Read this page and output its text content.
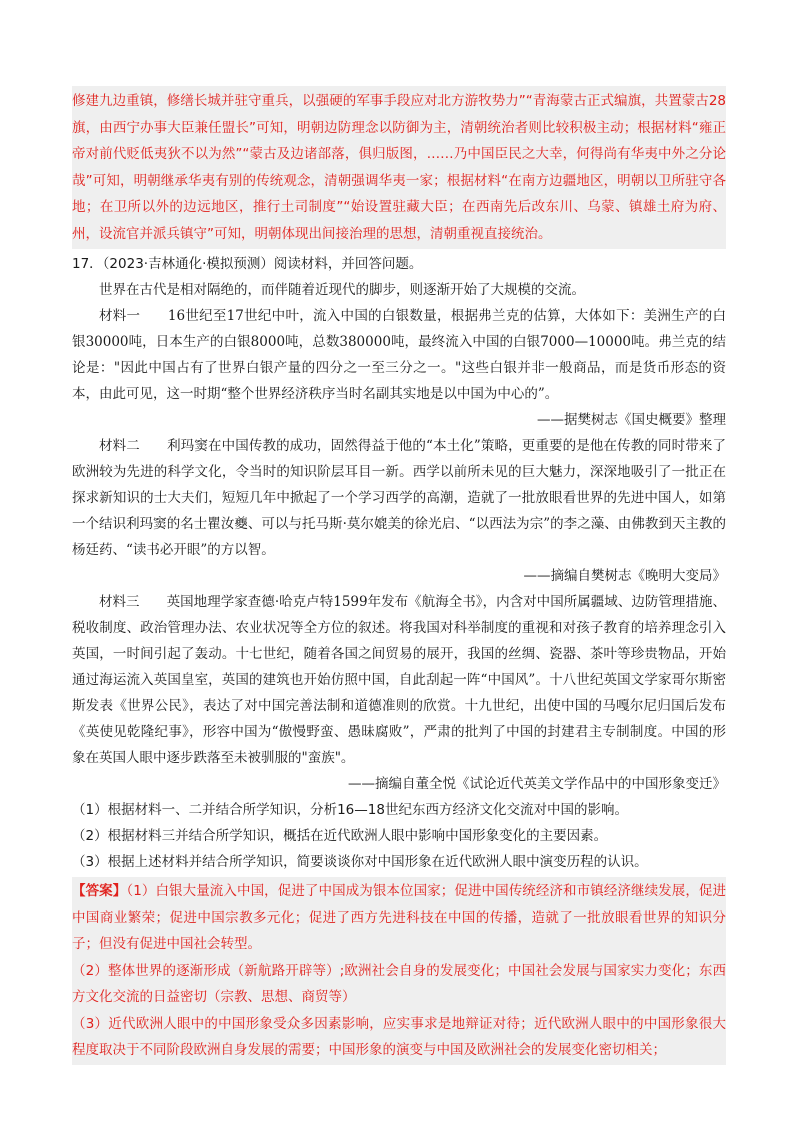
修建九边重镇，修缮长城并驻守重兵，以强硬的军事手段应对北方游牧势力”“青海蒙古正式编旗，共置蒙古28旗，由西宁办事大臣兼任盟长”可知，明朝边防理念以防御为主，清朝统治者则比较积极主动；根据材料“雍正帝对前代贬低夷狄不以为然”“蒙古及边诸部落，俱归版图，……乃中国臣民之大幸，何得尚有华夷中外之分论哉”可知，明朝继承华夷有别的传统观念，清朝强调华夷一家；根据材料“在南方边疆地区，明朝以卫所驻守各地；在卫所以外的边远地区，推行土司制度”“始设置驻藏大臣；在西南先后改东川、乌蒙、镇雄土府为府、州，设流官并派兵镇守”可知，明朝体现出间接治理的思想，清朝重视直接统治。
17．（2023·吉林通化·模拟预测）阅读材料，并回答问题。

世界在古代是相对隔绝的，而伴随着近现代的脚步，则逐渐开始了大规模的交流。

材料一　　16世纪至17世纪中叶，流入中国的白银数量，根据弗兰克的估算，大体如下：美洲生产的白银30000吨，日本生产的白银8000吨，总数380000吨，最终流入中国的白银7000—10000吨。弗兰克的结论是："因此中国占有了世界白银产量的四分之一至三分之一。"这些白银并非一般商品，而是货币形态的资本，由此可见，这一时期“整个世界经济秩序当时名副其实地是以中国为中心的”。

——据樊树志《国史概要》整理

材料二　　利玛窦在中国传教的成功，固然得益于他的“本土化”策略，更重要的是他在传教的同时带来了欧洲较为先进的科学文化，令当时的知识阶层耳目一新。西学以前所未见的巨大魅力，深深地吸引了一批正在探求新知识的士大夫们，短短几年中掀起了一个学习西学的高潮，造就了一批放眼看世界的先进中国人，如第一个结识利玛窦的名士瞿汝夔、可以与托马斯·莫尔媲美的徐光启、“以西法为宗”的李之藻、由佛教到天主教的杨廷药、“读书必开眼”的方以智。

——摘编自樊树志《晚明大变局》

材料三　　英国地理学家查德·哈克卢特1599年发布《航海全书》，内含对中国所属疆域、边防管理措施、税收制度、政治管理办法、农业状况等全方位的叙述。将我国对科举制度的重视和对孩子教育的培养理念引入英国，一时间引起了轰动。十七世纪，随着各国之间贸易的展开，我国的丝绸、瓷器、茶叶等珍贵物品，开始通过海运流入英国皇室，英国的建筑也开始仿照中国，自此刮起一阵“中国风”。十八世纪英国文学家哥尔斯密斯发表《世界公民》，表达了对中国完善法制和道德准则的欣赏。十九世纪，出使中国的马嘎尔尼归国后发布《英使见乾隆纪事》，形容中国为“傲慢野蛮、愚昧腐败”，严肃的批判了中国的封建君主专制制度。中国的形象在英国人眼中逐步跌落至未被驯服的"蛮族"。

——摘编自董全悦《试论近代英美文学作品中的中国形象变迁》

（1）根据材料一、二并结合所学知识，分析16—18世纪东西方经济文化交流对中国的影响。
（2）根据材料三并结合所学知识，概括在近代欧洲人眼中影响中国形象变化的主要因素。
（3）根据上述材料并结合所学知识，简要谈谈你对中国形象在近代欧洲人眼中演变历程的认识。
【答案】（1）白银大量流入中国，促进了中国成为银本位国家；促进中国传统经济和市镇经济继续发展，促进中国商业繁荣；促进中国宗教多元化；促进了西方先进科技在中国的传播，造就了一批放眼看世界的知识分子；但没有促进中国社会转型。
（2）整体世界的逐渐形成（新航路开辟等）;欧洲社会自身的发展变化；中国社会发展与国家实力变化；东西方文化交流的日益密切（宗教、思想、商贸等）
（3）近代欧洲人眼中的中国形象受众多因素影响，应实事求是地辩证对待；近代欧洲人眼中的中国形象很大程度取决于不同阶段欧洲自身发展的需要；中国形象的演变与中国及欧洲社会的发展变化密切相关；
